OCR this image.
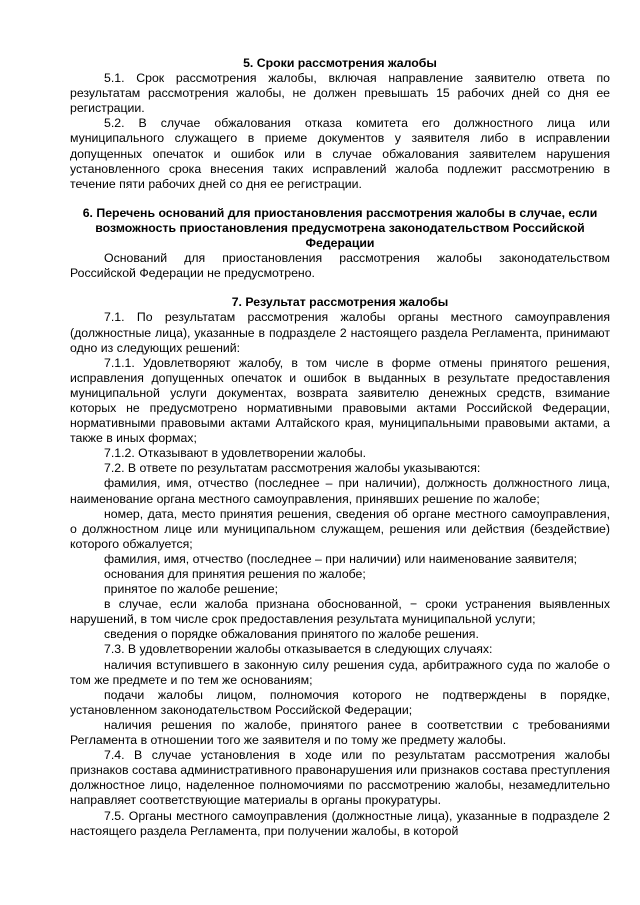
5. Сроки рассмотрения жалобы

5.1. Срок рассмотрения жалобы, включая направление заявителю ответа по результатам рассмотрения жалобы, не должен превышать 15 рабочих дней со дня ее регистрации.

5.2. В случае обжалования отказа комитета его должностного лица или муниципального служащего в приеме документов у заявителя либо в исправлении допущенных опечаток и ошибок или в случае обжалования заявителем нарушения установленного срока внесения таких исправлений жалоба подлежит рассмотрению в течение пяти рабочих дней со дня ее регистрации.

6. Перечень оснований для приостановления рассмотрения жалобы в случае, если возможность приостановления предусмотрена законодательством Российской Федерации

Оснований для приостановления рассмотрения жалобы законодательством Российской Федерации не предусмотрено.

7. Результат рассмотрения жалобы

7.1. По результатам рассмотрения жалобы органы местного самоуправления (должностные лица), указанные в подразделе 2 настоящего раздела Регламента, принимают одно из следующих решений:

7.1.1. Удовлетворяют жалобу, в том числе в форме отмены принятого решения, исправления допущенных опечаток и ошибок в выданных в результате предоставления муниципальной услуги документах, возврата заявителю денежных средств, взимание которых не предусмотрено нормативными правовыми актами Российской Федерации, нормативными правовыми актами Алтайского края, муниципальными правовыми актами, а также в иных формах;

7.1.2. Отказывают в удовлетворении жалобы.

7.2. В ответе по результатам рассмотрения жалобы указываются:

фамилия, имя, отчество (последнее – при наличии), должность должностного лица, наименование органа местного самоуправления, принявших решение по жалобе;

номер, дата, место принятия решения, сведения об органе местного самоуправления, о должностном лице или муниципальном служащем, решения или действия (бездействие) которого обжалуется;

фамилия, имя, отчество (последнее – при наличии) или наименование заявителя;

основания для принятия решения по жалобе;

принятое по жалобе решение;

в случае, если жалоба признана обоснованной, − сроки устранения выявленных нарушений, в том числе срок предоставления результата муниципальной услуги;

сведения о порядке обжалования принятого по жалобе решения.

7.3. В удовлетворении жалобы отказывается в следующих случаях:

наличия вступившего в законную силу решения суда, арбитражного суда по жалобе о том же предмете и по тем же основаниям;

подачи жалобы лицом, полномочия которого не подтверждены в порядке, установленном законодательством Российской Федерации;

наличия решения по жалобе, принятого ранее в соответствии с требованиями Регламента в отношении того же заявителя и по тому же предмету жалобы.

7.4. В случае установления в ходе или по результатам рассмотрения жалобы признаков состава административного правонарушения или признаков состава преступления должностное лицо, наделенное полномочиями по рассмотрению жалобы, незамедлительно направляет соответствующие материалы в органы прокуратуры.

7.5. Органы местного самоуправления (должностные лица), указанные в подразделе 2 настоящего раздела Регламента, при получении жалобы, в которой
